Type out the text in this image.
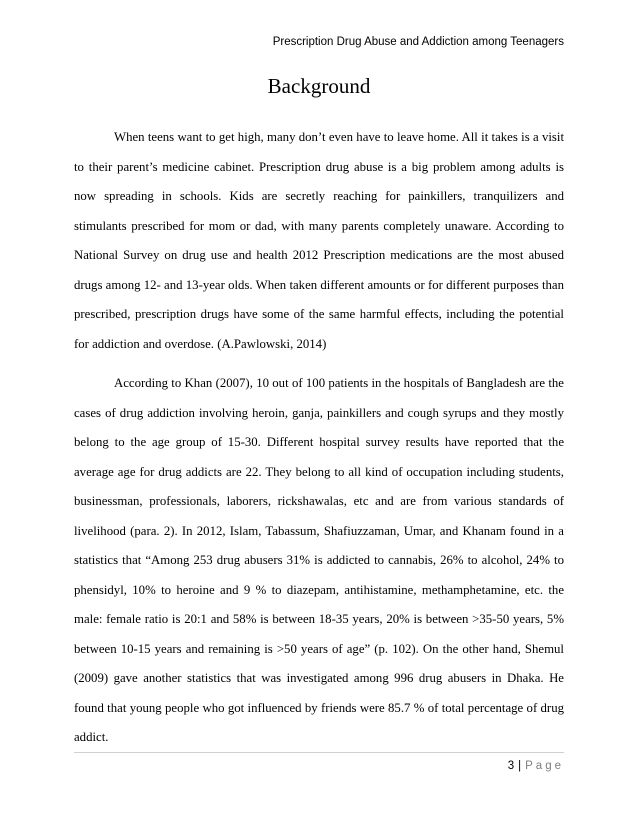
Prescription Drug Abuse and Addiction among Teenagers
Background

When teens want to get high, many don’t even have to leave home. All it takes is a visit to their parent’s medicine cabinet. Prescription drug abuse is a big problem among adults is now spreading in schools. Kids are secretly reaching for painkillers, tranquilizers and stimulants prescribed for mom or dad, with many parents completely unaware. According to National Survey on drug use and health 2012 Prescription medications are the most abused drugs among 12- and 13-year olds. When taken different amounts or for different purposes than prescribed, prescription drugs have some of the same harmful effects, including the potential for addiction and overdose. (A.Pawlowski, 2014)

According to Khan (2007), 10 out of 100 patients in the hospitals of Bangladesh are the cases of drug addiction involving heroin, ganja, painkillers and cough syrups and they mostly belong to the age group of 15-30. Different hospital survey results have reported that the average age for drug addicts are 22. They belong to all kind of occupation including students, businessman, professionals, laborers, rickshawalas, etc and are from various standards of livelihood (para. 2). In 2012, Islam, Tabassum, Shafiuzzaman, Umar, and Khanam found in a statistics that “Among 253 drug abusers 31% is addicted to cannabis, 26% to alcohol, 24% to phensidyl, 10% to heroine and 9 % to diazepam, antihistamine, methamphetamine, etc. the male: female ratio is 20:1 and 58% is between 18-35 years, 20% is between >35-50 years, 5% between 10-15 years and remaining is >50 years of age” (p. 102). On the other hand, Shemul (2009) gave another statistics that was investigated among 996 drug abusers in Dhaka. He found that young people who got influenced by friends were 85.7 % of total percentage of drug addict.

3 | Page
